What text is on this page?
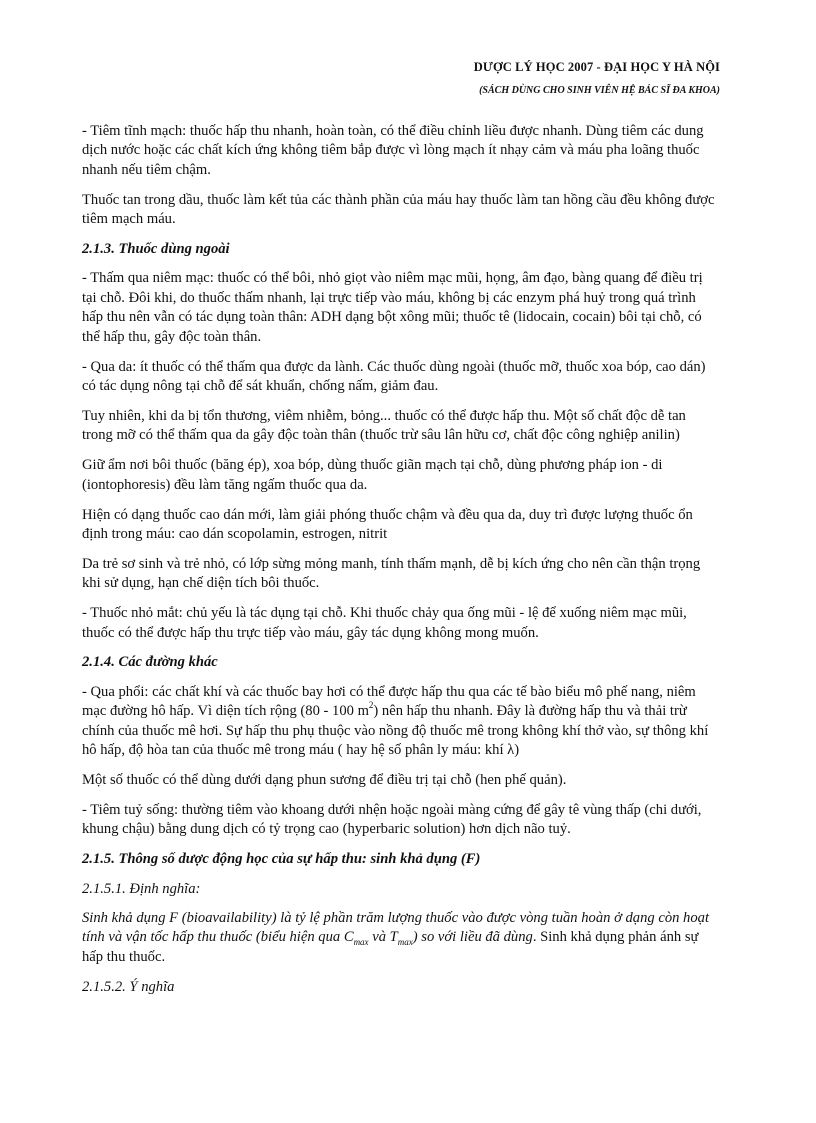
DƯỢC LÝ HỌC 2007 - ĐẠI HỌC Y HÀ NỘI
(SÁCH DÙNG CHO SINH VIÊN HỆ BÁC SĨ ĐA KHOA)

- Tiêm tĩnh mạch: thuốc hấp thu nhanh, hoàn toàn, có thể điều chỉnh liều được nhanh. Dùng tiêm các dung dịch nước hoặc các chất kích ứng không tiêm bắp được vì lòng mạch ít nhạy cảm và máu pha loãng thuốc nhanh nếu tiêm chậm.

Thuốc tan trong dầu, thuốc làm kết tủa các thành phần của máu hay thuốc làm tan hồng cầu đều không được tiêm mạch máu.

2.1.3. Thuốc dùng ngoài

- Thấm qua niêm mạc: thuốc có thể bôi, nhỏ giọt vào niêm mạc mũi, họng, âm đạo, bàng quang để điều trị tại chỗ. Đôi khi, do thuốc thấm nhanh, lại trực tiếp vào máu, không bị các enzym phá huỷ trong quá trình hấp thu nên vẫn có tác dụng toàn thân: ADH dạng bột xông mũi; thuốc tê (lidocain, cocain) bôi tại chỗ, có thể hấp thu, gây độc toàn thân.

- Qua da: ít thuốc có thể thấm qua được da lành. Các thuốc dùng ngoài (thuốc mỡ, thuốc xoa bóp, cao dán) có tác dụng nông tại chỗ để sát khuẩn, chống nấm, giảm đau.

Tuy nhiên, khi da bị tổn thương, viêm nhiễm, bỏng... thuốc có thể được hấp thu. Một số chất độc dễ tan trong mỡ có thể thấm qua da gây độc toàn thân (thuốc trừ sâu lân hữu cơ, chất độc công nghiệp anilin)

Giữ ẩm nơi bôi thuốc (băng ép), xoa bóp, dùng thuốc giãn mạch tại chỗ, dùng phương pháp ion - di (iontophoresis) đều làm tăng ngấm thuốc qua da.

Hiện có dạng thuốc cao dán mới, làm giải phóng thuốc chậm và đều qua da, duy trì được lượng thuốc ổn định trong máu: cao dán scopolamin, estrogen, nitrit

Da trẻ sơ sinh và trẻ nhỏ, có lớp sừng mỏng manh, tính thấm mạnh, dễ bị kích ứng cho nên cần thận trọng khi sử dụng, hạn chế diện tích bôi thuốc.

- Thuốc nhỏ mắt: chủ yếu là tác dụng tại chỗ. Khi thuốc chảy qua ống mũi - lệ để xuống niêm mạc mũi, thuốc có thể được hấp thu trực tiếp vào máu, gây tác dụng không mong muốn.

2.1.4. Các đường khác

- Qua phổi: các chất khí và các thuốc bay hơi có thể được hấp thu qua các tế bào biểu mô phế nang, niêm mạc đường hô hấp. Vì diện tích rộng (80 - 100 $m^2$) nên hấp thu nhanh. Đây là đường hấp thu và thải trừ chính của thuốc mê hơi. Sự hấp thu phụ thuộc vào nồng độ thuốc mê trong không khí thở vào, sự thông khí hô hấp, độ hòa tan của thuốc mê trong máu ( hay hệ số phân ly máu: khí λ)

Một số thuốc có thể dùng dưới dạng phun sương để điều trị tại chỗ (hen phế quản).

- Tiêm tuỷ sống: thường tiêm vào khoang dưới nhện hoặc ngoài màng cứng để gây tê vùng thấp (chi dưới, khung chậu) bằng dung dịch có tỷ trọng cao (hyperbaric solution) hơn dịch não tuỷ.

2.1.5. Thông số dược động học của sự hấp thu: sinh khả dụng (F)

2.1.5.1. Định nghĩa:

Sinh khả dụng F (bioavailability) là tỷ lệ phần trăm lượng thuốc vào được vòng tuần hoàn ở dạng còn hoạt tính và vận tốc hấp thu thuốc (biểu hiện qua $C_{max}$ và $T_{max}$) so với liều đã dùng. Sinh khả dụng phản ánh sự hấp thu thuốc.

2.1.5.2. Ý nghĩa
